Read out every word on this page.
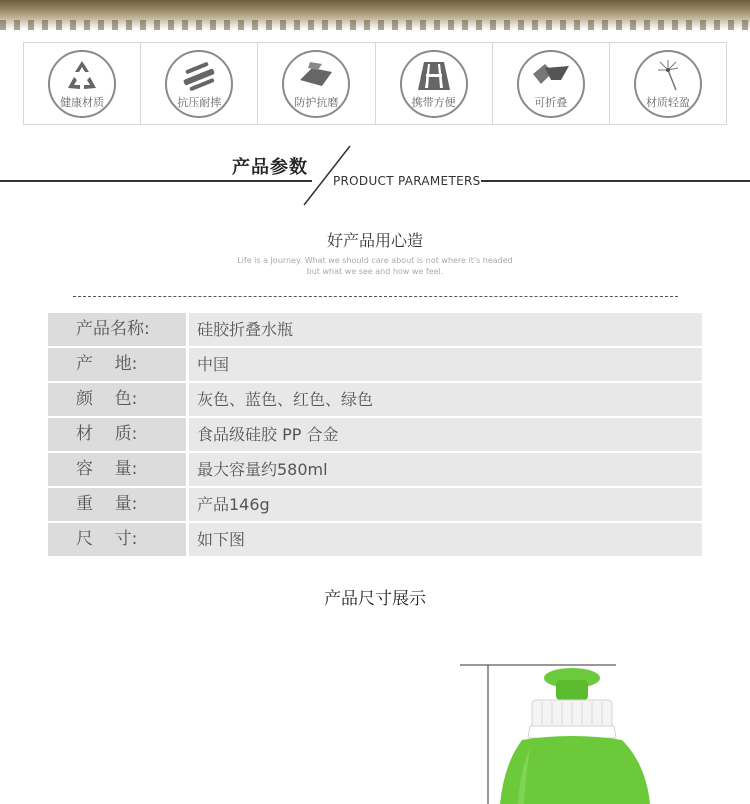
健康材质	抗压耐摔	防护抗磨	携带方便	可折叠	材质轻盈
产品参数
PRODUCT PARAMETERS
好产品用心造
Life is a Journey. What we should care about is not where it's headed but what we see and how we feel.
产品名称:	硅胶折叠水瓶
产    地:	中国
颜    色:	灰色、蓝色、红色、绿色
材    质:	食品级硅胶 PP 合金
容    量:	最大容量约580ml
重    量:	产品146g
尺    寸:	如下图
产品尺寸展示
